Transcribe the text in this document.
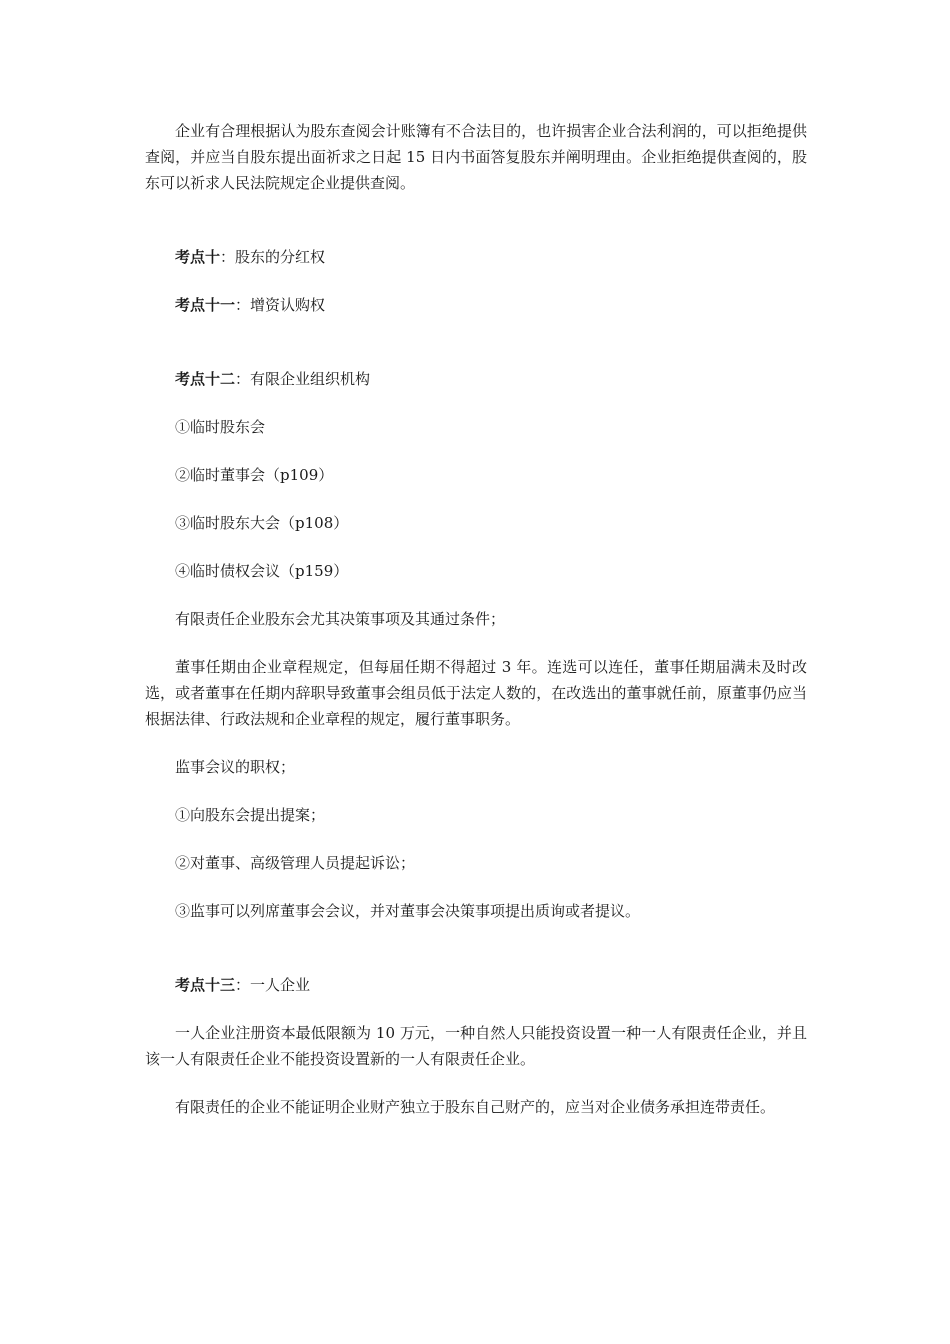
企业有合理根据认为股东查阅会计账簿有不合法目的，也许损害企业合法利润的，可以拒绝提供查阅，并应当自股东提出面祈求之日起 15 日内书面答复股东并阐明理由。企业拒绝提供查阅的，股东可以祈求人民法院规定企业提供查阅。

考点十：股东的分红权

考点十一：增资认购权

考点十二：有限企业组织机构

①临时股东会

②临时董事会（p109）

③临时股东大会（p108）

④临时债权会议（p159）

有限责任企业股东会尤其决策事项及其通过条件；

董事任期由企业章程规定，但每届任期不得超过 3 年。连选可以连任，董事任期届满未及时改选，或者董事在任期内辞职导致董事会组员低于法定人数的，在改选出的董事就任前，原董事仍应当根据法律、行政法规和企业章程的规定，履行董事职务。

监事会议的职权；

①向股东会提出提案；

②对董事、高级管理人员提起诉讼；

③监事可以列席董事会会议，并对董事会决策事项提出质询或者提议。

考点十三：一人企业

一人企业注册资本最低限额为 10 万元，一种自然人只能投资设置一种一人有限责任企业，并且该一人有限责任企业不能投资设置新的一人有限责任企业。

有限责任的企业不能证明企业财产独立于股东自己财产的，应当对企业债务承担连带责任。
